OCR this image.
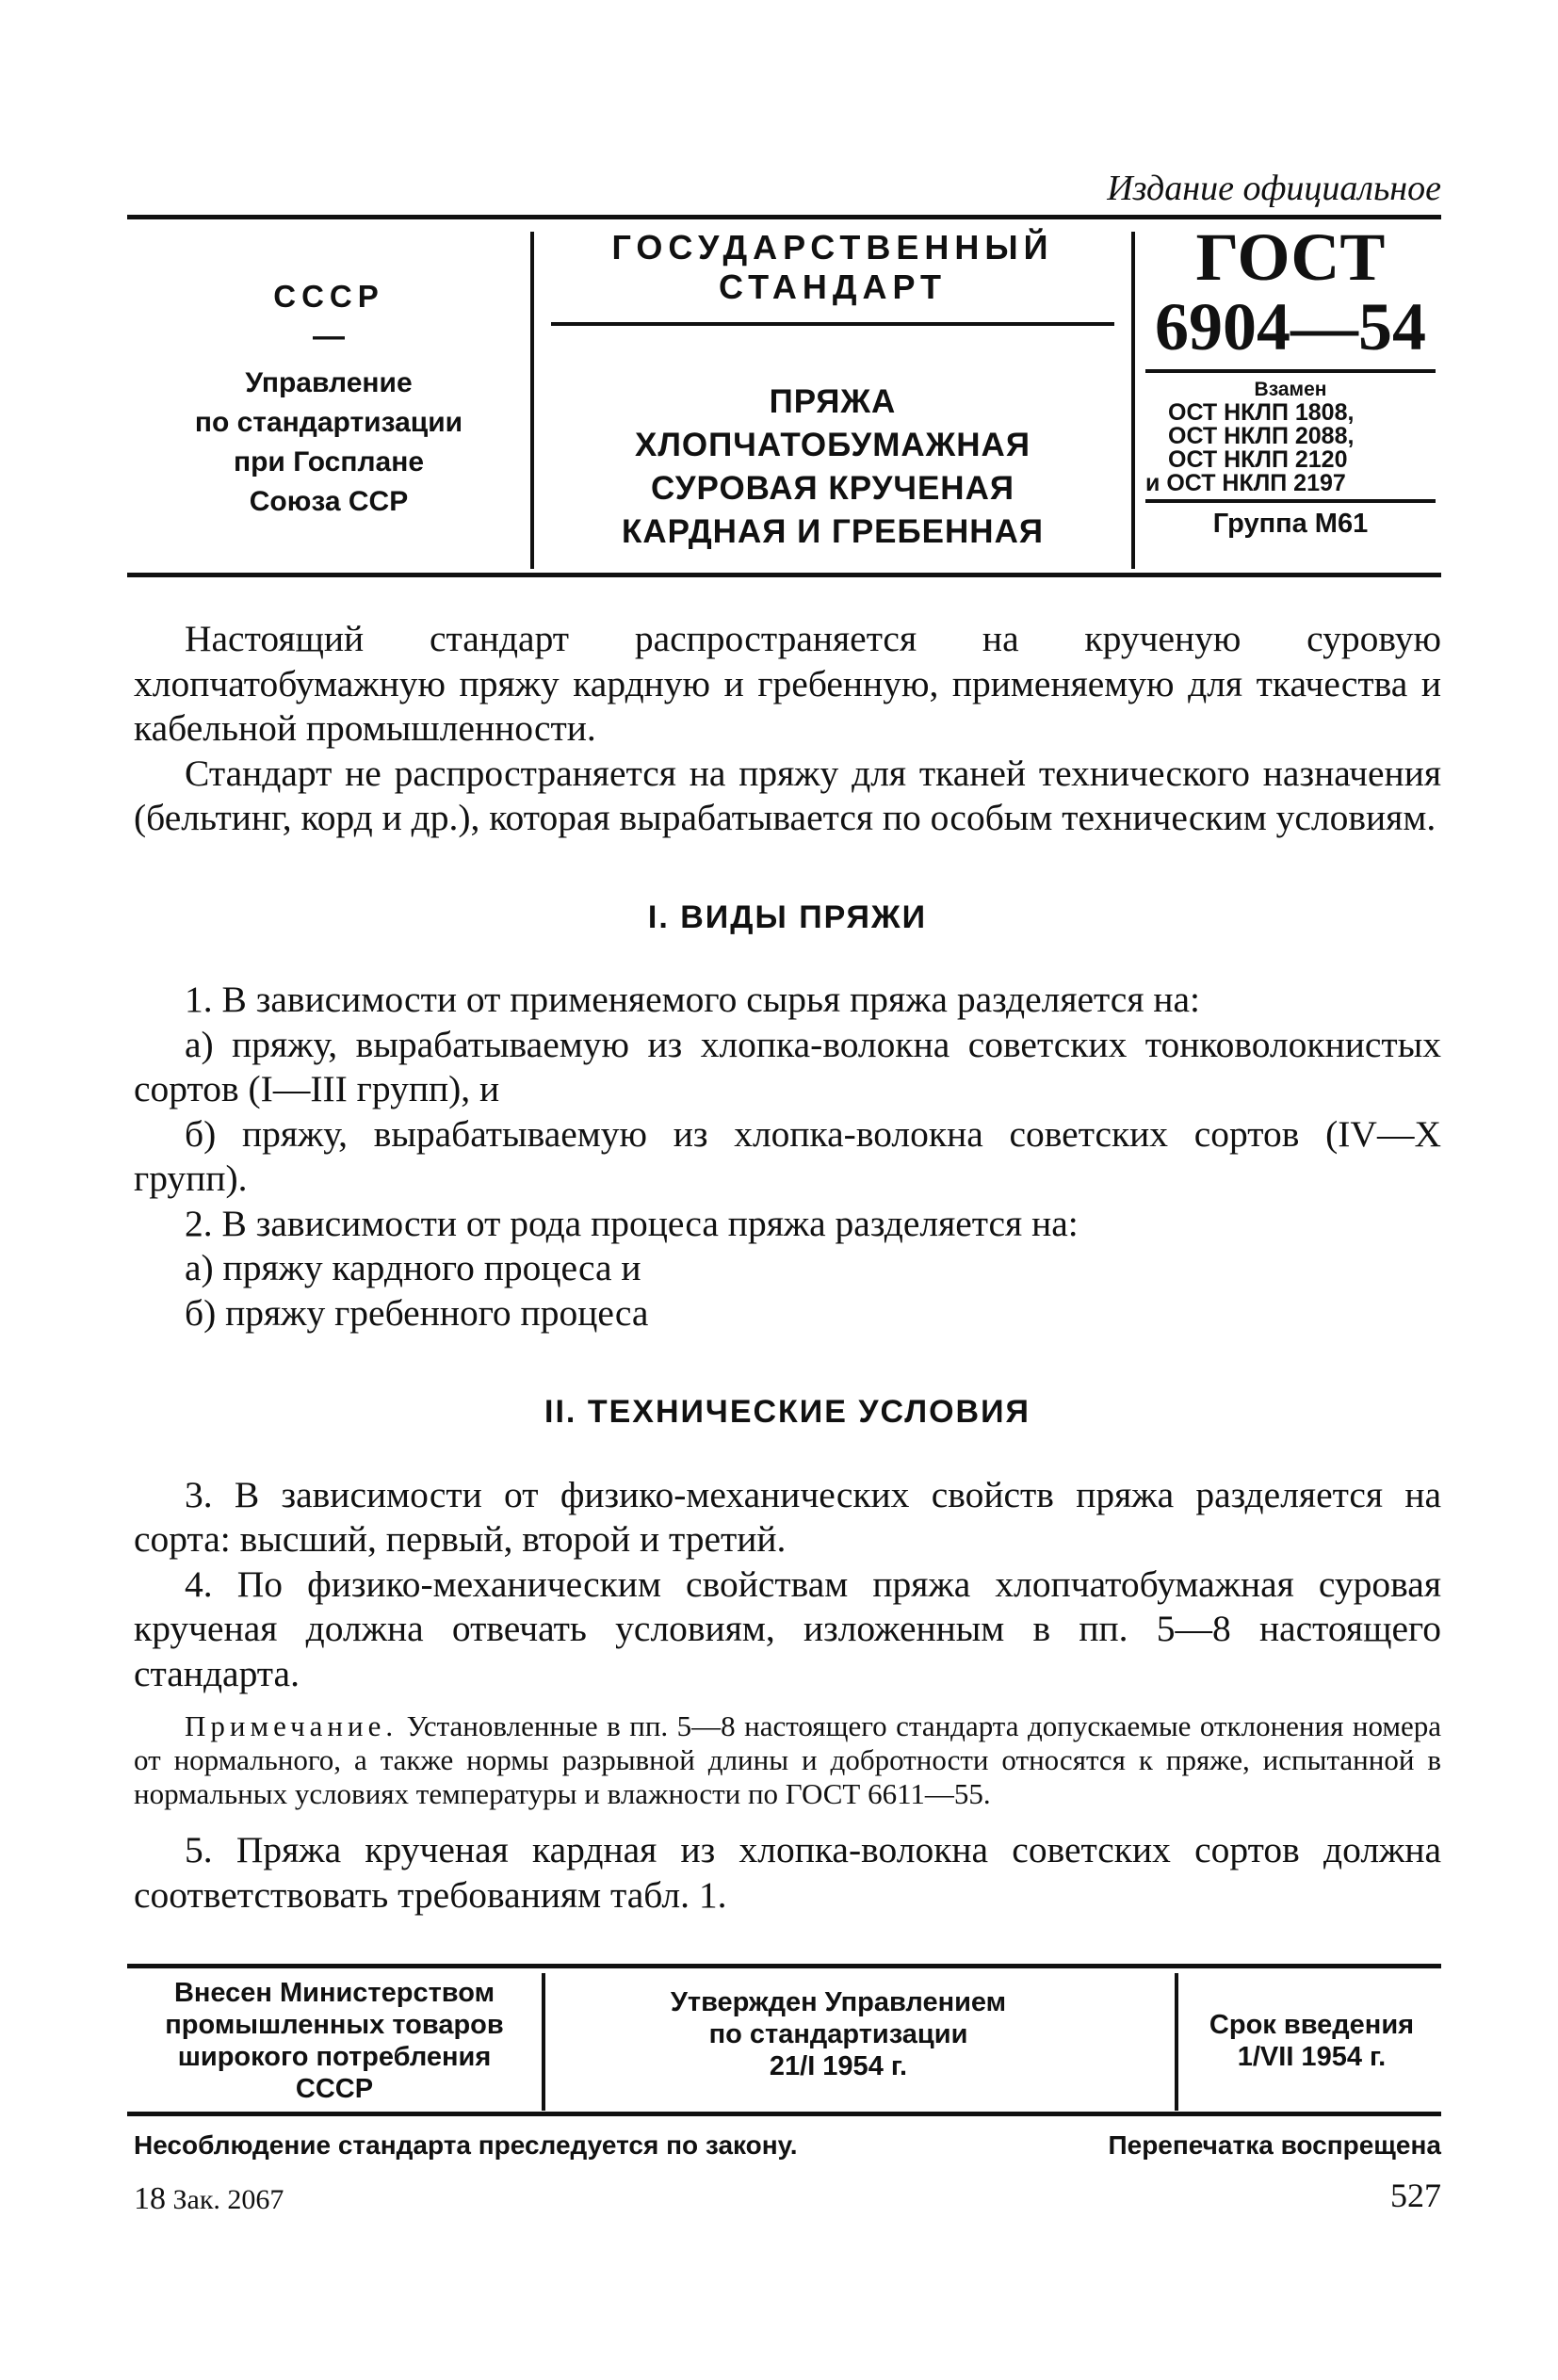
Издание официальное
СССР
—
Управление
по стандартизации
при Госплане
Союза ССР
ГОСУДАРСТВЕННЫЙ
СТАНДАРТ
ПРЯЖА
ХЛОПЧАТОБУМАЖНАЯ
СУРОВАЯ КРУЧЕНАЯ
КАРДНАЯ И ГРЕБЕННАЯ
ГОСТ
6904—54
Взамен
ОСТ НКЛП 1808,
ОСТ НКЛП 2088,
ОСТ НКЛП 2120
и ОСТ НКЛП 2197
Группа М61

Настоящий стандарт распространяется на крученую суровую хлопчатобумажную пряжу кардную и гребенную, применяемую для ткачества и кабельной промышленности.

Стандарт не распространяется на пряжу для тканей технического назначения (бельтинг, корд и др.), которая вырабатывается по особым техническим условиям.

I. ВИДЫ ПРЯЖИ

1. В зависимости от применяемого сырья пряжа разделяется на:

а) пряжу, вырабатываемую из хлопка-волокна советских тонковолокнистых сортов (I—III групп), и

б) пряжу, вырабатываемую из хлопка-волокна советских сортов (IV—X групп).

2. В зависимости от рода процеса пряжа разделяется на:

а) пряжу кардного процеса и

б) пряжу гребенного процеса

II. ТЕХНИЧЕСКИЕ УСЛОВИЯ

3. В зависимости от физико-механических свойств пряжа разделяется на сорта: высший, первый, второй и третий.

4. По физико-механическим свойствам пряжа хлопчатобумажная суровая крученая должна отвечать условиям, изложенным в пп. 5—8 настоящего стандарта.

Примечание. Установленные в пп. 5—8 настоящего стандарта допускаемые отклонения номера от нормального, а также нормы разрывной длины и добротности относятся к пряже, испытанной в нормальных условиях температуры и влажности по ГОСТ 6611—55.

5. Пряжа крученая кардная из хлопка-волокна советских сортов должна соответствовать требованиям табл. 1.

Внесен Министерством
промышленных товаров
широкого потребления
СССР
Утвержден Управлением
по стандартизации
21/I 1954 г.
Срок введения
1/VII 1954 г.
Несоблюдение стандарта преследуется по закону.	Перепечатка воспрещена
18 Зак. 2067	527
